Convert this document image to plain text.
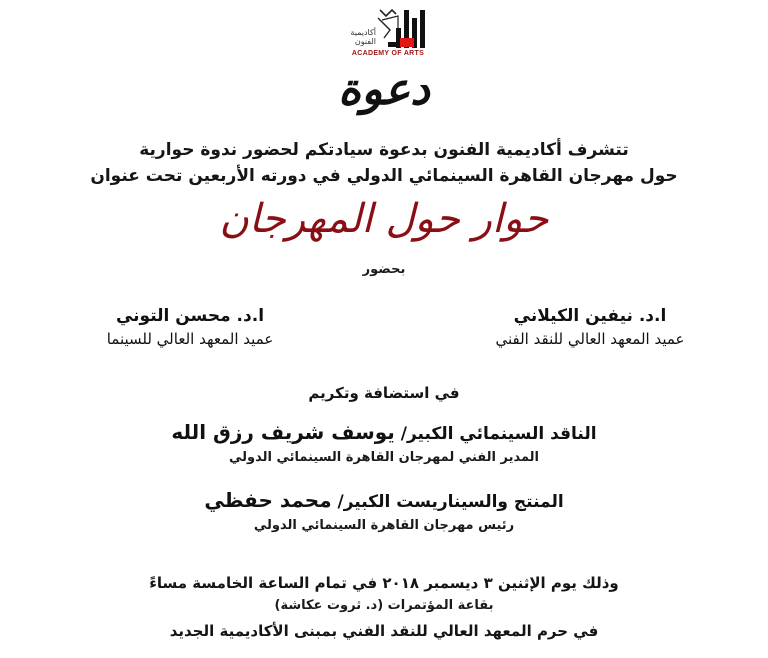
أكاديمية
الفنون
ACADEMY OF ARTS
دعوة
تتشرف أكاديمية الفنون بدعوة سيادتكم لحضور ندوة حوارية
حول مهرجان القاهرة السينمائي الدولي في دورته الأربعين تحت عنوان
حوار حول المهرجان
بحضور
ا.د. نيفين الكيلاني
عميد المعهد العالي للنقد الفني
ا.د. محسن التوني
عميد المعهد العالي للسينما
في استضافة وتكريم
الناقد السينمائي الكبير/ يوسف شريف رزق الله
المدير الفني لمهرجان القاهرة السينمائي الدولي
المنتج والسيناريست الكبير/ محمد حفظي
رئيس مهرجان القاهرة السينمائي الدولي
وذلك يوم الإثنين ٣ ديسمبر ٢٠١٨ في تمام الساعة الخامسة مساءً
بقاعة المؤتمرات (د. ثروت عكاشة)
في حرم المعهد العالي للنقد الفني بمبنى الأكاديمية الجديد
